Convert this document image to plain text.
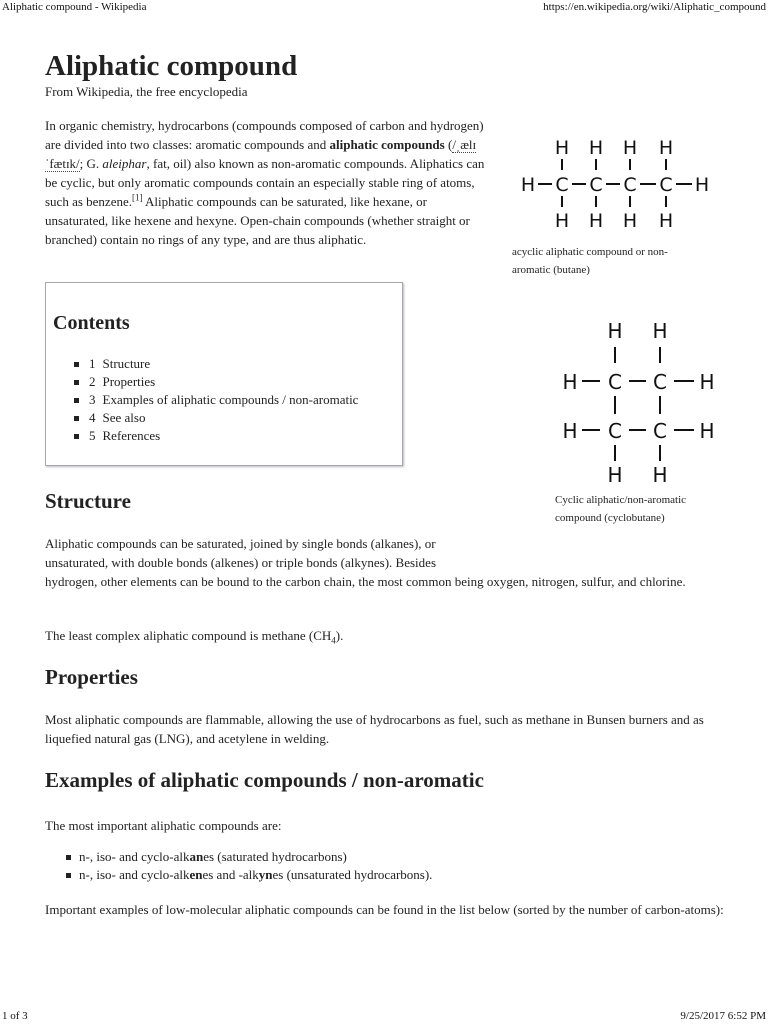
Aliphatic compound - Wikipedia	https://en.wikipedia.org/wiki/Aliphatic_compound
Aliphatic compound
From Wikipedia, the free encyclopedia

In organic chemistry, hydrocarbons (compounds composed of carbon and hydrogen) are divided into two classes: aromatic compounds and aliphatic compounds (/ˌælɪˈfætɪk/; G. aleiphar, fat, oil) also known as non-aromatic compounds. Aliphatics can be cyclic, but only aromatic compounds contain an especially stable ring of atoms, such as benzene.[1] Aliphatic compounds can be saturated, like hexane, or unsaturated, like hexene and hexyne. Open-chain compounds (whether straight or branched) contain no rings of any type, and are thus aliphatic.

H H H H
H C C C C H
H H H H
acyclic aliphatic compound or non-aromatic (butane)
H H
H C C H
H C C H
H H
Cyclic aliphatic/non-aromatic compound (cyclobutane)
Contents
1 Structure
2 Properties
3 Examples of aliphatic compounds / non-aromatic
4 See also
5 References
Structure

Aliphatic compounds can be saturated, joined by single bonds (alkanes), or unsaturated, with double bonds (alkenes) or triple bonds (alkynes). Besides

hydrogen, other elements can be bound to the carbon chain, the most common being oxygen, nitrogen, sulfur, and chlorine.

The least complex aliphatic compound is methane $(CH_4)$.

Properties

Most aliphatic compounds are flammable, allowing the use of hydrocarbons as fuel, such as methane in Bunsen burners and as liquefied natural gas (LNG), and acetylene in welding.

Examples of aliphatic compounds / non-aromatic

The most important aliphatic compounds are:

n-, iso- and cyclo-alkanes (saturated hydrocarbons)
n-, iso- and cyclo-alkenes and -alkynes (unsaturated hydrocarbons).

Important examples of low-molecular aliphatic compounds can be found in the list below (sorted by the number of carbon-atoms):

1 of 3	9/25/2017 6:52 PM
